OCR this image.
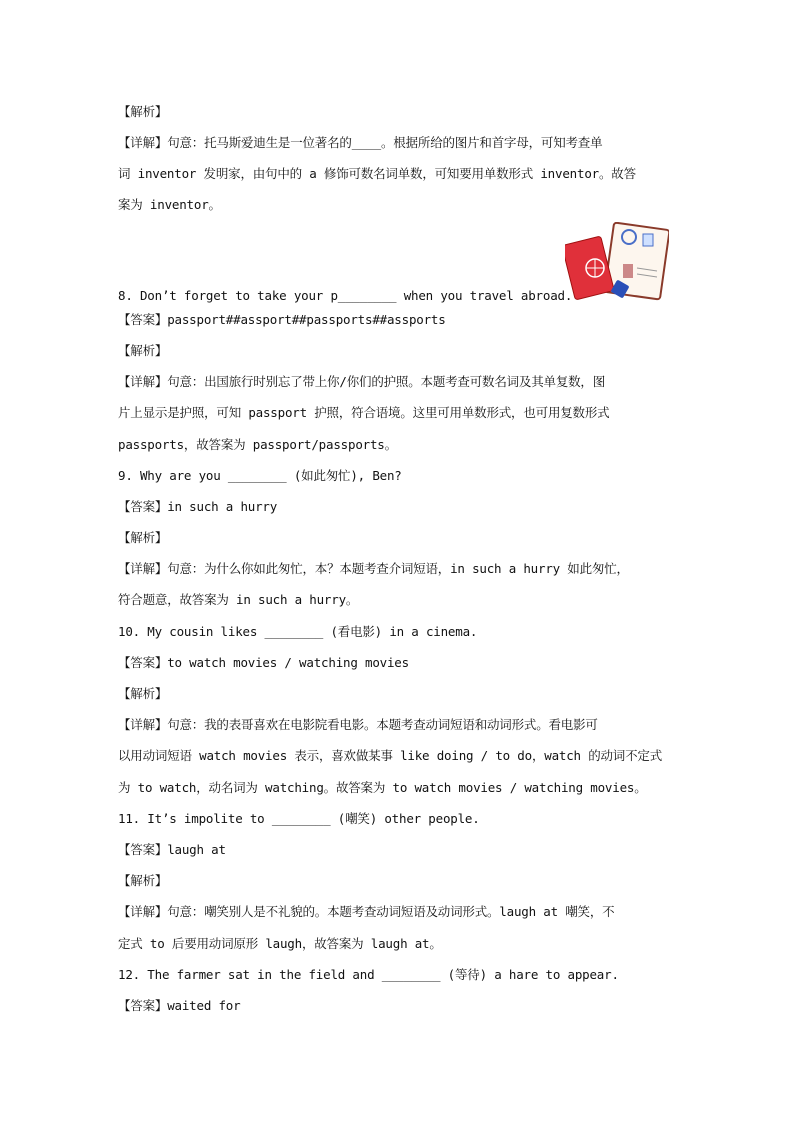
【解析】
【详解】句意：托马斯爱迪生是一位著名的____。根据所给的图片和首字母，可知考查单
词 inventor 发明家，由句中的 a 修饰可数名词单数，可知要用单数形式 inventor。故答
案为 inventor。
8. Don’t forget to take your p________ when you travel abroad.
【答案】passport##assport##passports##assports
【解析】
【详解】句意：出国旅行时别忘了带上你/你们的护照。本题考查可数名词及其单复数，图
片上显示是护照，可知 passport 护照，符合语境。这里可用单数形式，也可用复数形式
passports，故答案为 passport/passports。
9. Why are you ________ (如此匆忙), Ben?
【答案】in such a hurry
【解析】
【详解】句意：为什么你如此匆忙，本？本题考查介词短语，in such a hurry 如此匆忙，
符合题意，故答案为 in such a hurry。
10. My cousin likes ________ (看电影) in a cinema.
【答案】to watch movies / watching movies
【解析】
【详解】句意：我的表哥喜欢在电影院看电影。本题考查动词短语和动词形式。看电影可
以用动词短语 watch movies 表示，喜欢做某事 like doing / to do，watch 的动词不定式
为 to watch，动名词为 watching。故答案为 to watch movies / watching movies。
11. It’s impolite to ________ (嘲笑) other people.
【答案】laugh at
【解析】
【详解】句意：嘲笑别人是不礼貌的。本题考查动词短语及动词形式。laugh at 嘲笑，不
定式 to 后要用动词原形 laugh，故答案为 laugh at。
12. The farmer sat in the field and ________ (等待) a hare to appear.
【答案】waited for
